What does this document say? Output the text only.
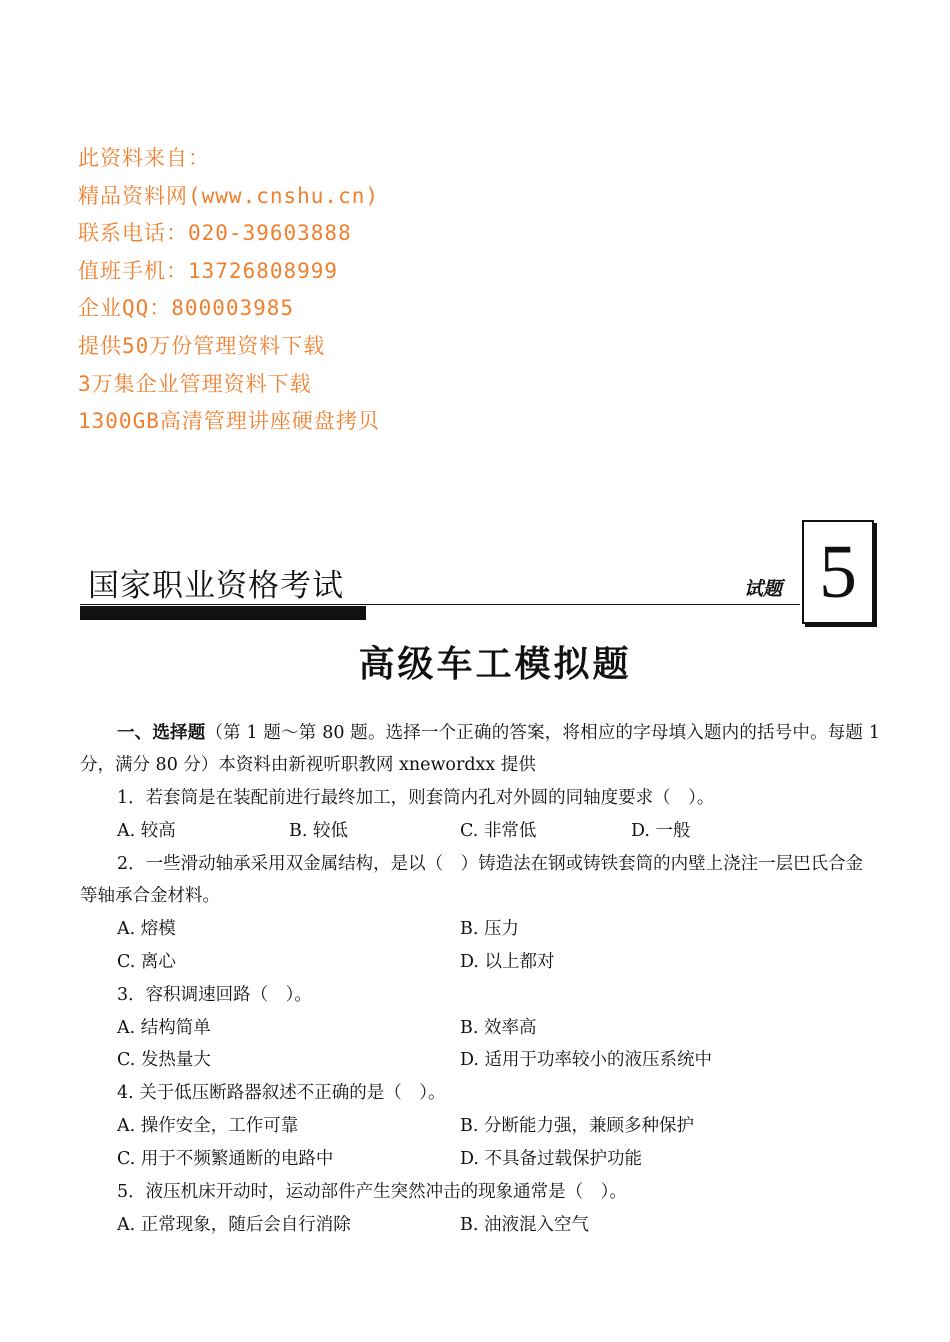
此资料来自：
精品资料网(www.cnshu.cn)
联系电话：020-39603888
值班手机：13726808999
企业QQ：800003985
提供50万份管理资料下载
3万集企业管理资料下载
1300GB高清管理讲座硬盘拷贝
国家职业资格考试	试题 5
高级车工模拟题
一、选择题（第 1 题～第 80 题。选择一个正确的答案，将相应的字母填入题内的括号中。每题 1 分，满分 80 分）本资料由新视听职教网 xnewordxx 提供
1．若套筒是在装配前进行最终加工，则套筒内孔对外圆的同轴度要求（　）。
A. 较高	B. 较低	C. 非常低	D. 一般
2．一些滑动轴承采用双金属结构，是以（　）铸造法在钢或铸铁套筒的内壁上浇注一层巴氏合金等轴承合金材料。
A. 熔模	B. 压力
C. 离心	D. 以上都对
3．容积调速回路（　）。
A. 结构简单	B. 效率高
C. 发热量大	D. 适用于功率较小的液压系统中
4. 关于低压断路器叙述不正确的是（　）。
A. 操作安全，工作可靠	B. 分断能力强，兼顾多种保护
C. 用于不频繁通断的电路中	D. 不具备过载保护功能
5．液压机床开动时，运动部件产生突然冲击的现象通常是（　）。
A. 正常现象，随后会自行消除	B. 油液混入空气
